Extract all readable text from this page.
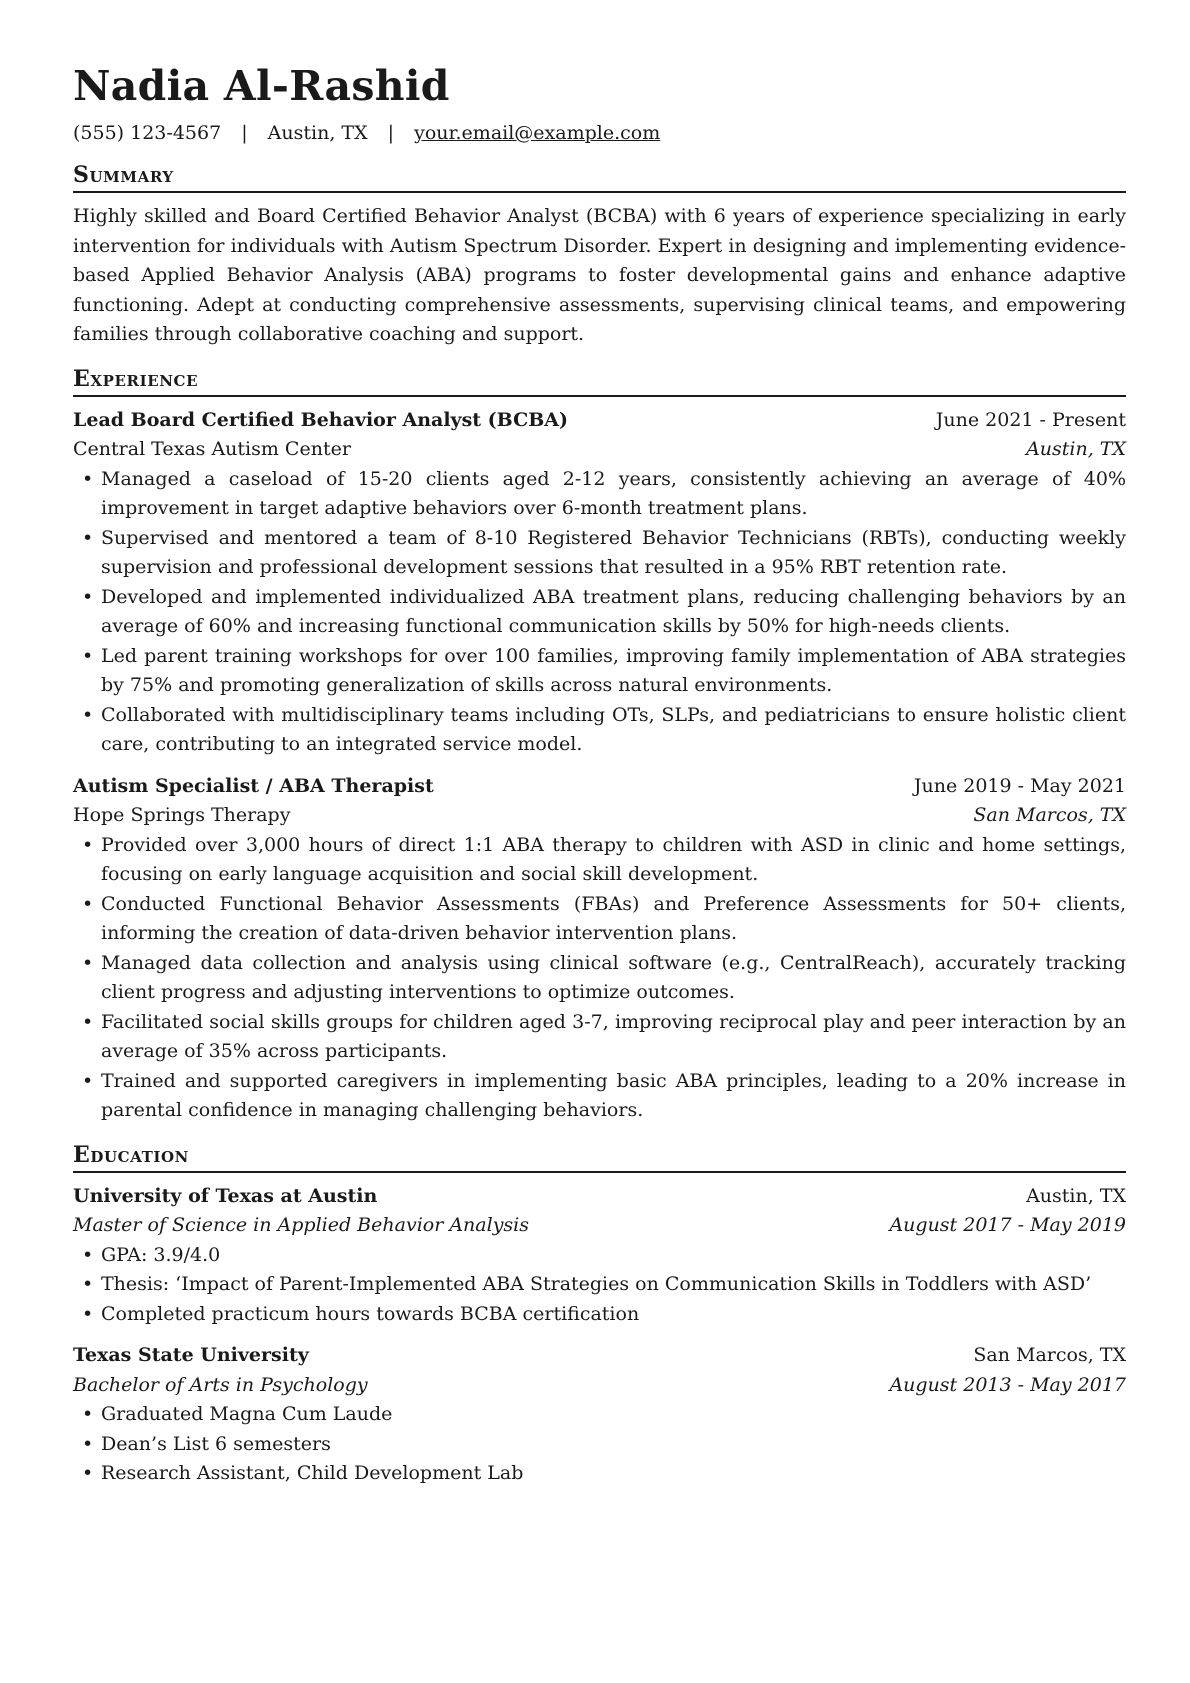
Nadia Al-Rashid
(555) 123-4567 | Austin, TX | your.email@example.com
Summary
Highly skilled and Board Certified Behavior Analyst (BCBA) with 6 years of experience specializing in early intervention for individuals with Autism Spectrum Disorder. Expert in designing and implementing evidence-based Applied Behavior Analysis (ABA) programs to foster developmental gains and enhance adaptive functioning. Adept at conducting comprehensive assessments, supervising clinical teams, and empowering families through collaborative coaching and support.
Experience
Lead Board Certified Behavior Analyst (BCBA)	June 2021 - Present
Central Texas Autism Center	Austin, TX
• Managed a caseload of 15-20 clients aged 2-12 years, consistently achieving an average of 40% improvement in target adaptive behaviors over 6-month treatment plans.
• Supervised and mentored a team of 8-10 Registered Behavior Technicians (RBTs), conducting weekly supervision and professional development sessions that resulted in a 95% RBT retention rate.
• Developed and implemented individualized ABA treatment plans, reducing challenging behaviors by an average of 60% and increasing functional communication skills by 50% for high-needs clients.
• Led parent training workshops for over 100 families, improving family implementation of ABA strategies by 75% and promoting generalization of skills across natural environments.
• Collaborated with multidisciplinary teams including OTs, SLPs, and pediatricians to ensure holistic client care, contributing to an integrated service model.
Autism Specialist / ABA Therapist	June 2019 - May 2021
Hope Springs Therapy	San Marcos, TX
• Provided over 3,000 hours of direct 1:1 ABA therapy to children with ASD in clinic and home settings, focusing on early language acquisition and social skill development.
• Conducted Functional Behavior Assessments (FBAs) and Preference Assessments for 50+ clients, informing the creation of data-driven behavior intervention plans.
• Managed data collection and analysis using clinical software (e.g., CentralReach), accurately tracking client progress and adjusting interventions to optimize outcomes.
• Facilitated social skills groups for children aged 3-7, improving reciprocal play and peer interaction by an average of 35% across participants.
• Trained and supported caregivers in implementing basic ABA principles, leading to a 20% increase in parental confidence in managing challenging behaviors.
Education
University of Texas at Austin	Austin, TX
Master of Science in Applied Behavior Analysis	August 2017 - May 2019
• GPA: 3.9/4.0
• Thesis: ‘Impact of Parent-Implemented ABA Strategies on Communication Skills in Toddlers with ASD’
• Completed practicum hours towards BCBA certification
Texas State University	San Marcos, TX
Bachelor of Arts in Psychology	August 2013 - May 2017
• Graduated Magna Cum Laude
• Dean’s List 6 semesters
• Research Assistant, Child Development Lab
